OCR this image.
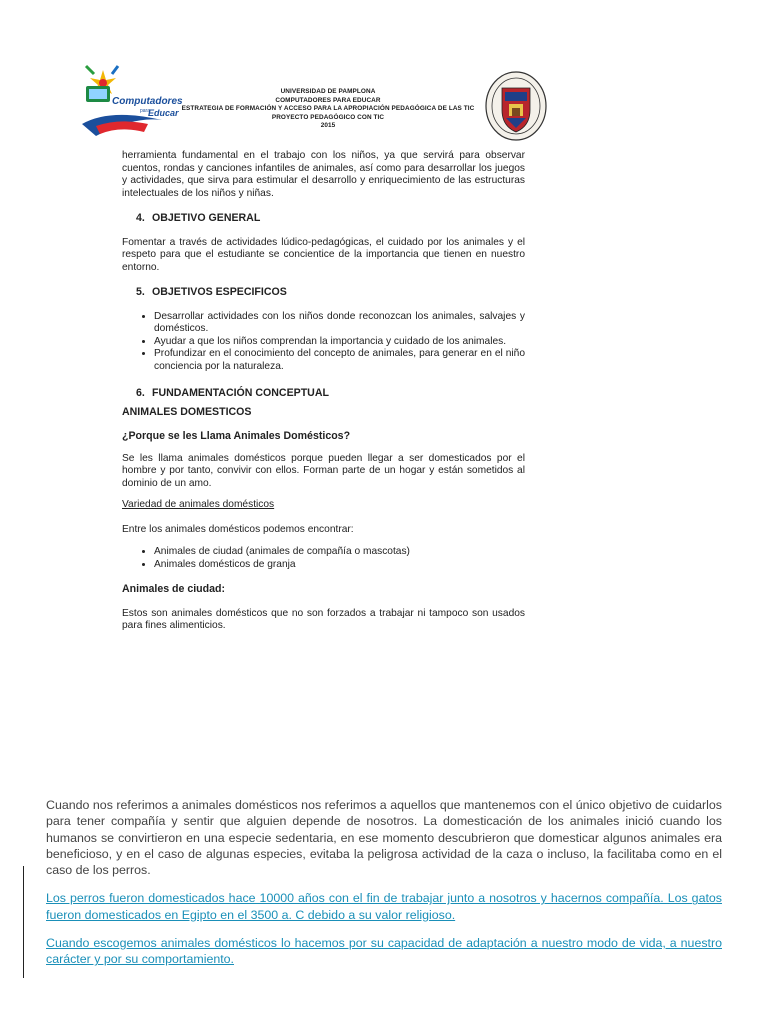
Computadores
para
Educar
UNIVERSIDAD DE PAMPLONA
COMPUTADORES PARA EDUCAR
ESTRATEGIA DE FORMACIÓN Y ACCESO PARA LA APROPIACIÓN PEDAGÓGICA DE LAS TIC
PROYECTO PEDAGÓGICO CON TIC
2015

herramienta fundamental en el trabajo con los niños, ya que servirá para observar cuentos, rondas y canciones infantiles de animales, así como para desarrollar los juegos y actividades, que sirva para estimular el desarrollo y enriquecimiento de las estructuras intelectuales de los niños y niñas.

4. OBJETIVO GENERAL

Fomentar a través de actividades lúdico-pedagógicas, el cuidado por los animales y el respeto para que el estudiante se concientice de la importancia que tienen en nuestro entorno.

5. OBJETIVOS ESPECIFICOS

• Desarrollar actividades con los niños donde reconozcan los animales, salvajes y domésticos.
• Ayudar a que los niños comprendan la importancia y cuidado de los animales.
• Profundizar en el conocimiento del concepto de animales, para generar en el niño conciencia por la naturaleza.

6. FUNDAMENTACIÓN CONCEPTUAL

ANIMALES DOMESTICOS

¿Porque se les Llama Animales Domésticos?

Se les llama animales domésticos porque pueden llegar a ser domesticados por el hombre y por tanto, convivir con ellos. Forman parte de un hogar y están sometidos al dominio de un amo.

Variedad de animales domésticos

Entre los animales domésticos podemos encontrar:

• Animales de ciudad (animales de compañía o mascotas)
• Animales domésticos de granja

Animales de ciudad:

Estos son animales domésticos que no son forzados a trabajar ni tampoco son usados para fines alimenticios.

Cuando nos referimos a animales domésticos nos referimos a aquellos que mantenemos con el único objetivo de cuidarlos para tener compañía y sentir que alguien depende de nosotros. La domesticación de los animales inició cuando los humanos se convirtieron en una especie sedentaria, en ese momento descubrieron que domesticar algunos animales era beneficioso, y en el caso de algunas especies, evitaba la peligrosa actividad de la caza o incluso, la facilitaba como en el caso de los perros.

Los perros fueron domesticados hace 10000 años con el fin de trabajar junto a nosotros y hacernos compañía. Los gatos fueron domesticados en Egipto en el 3500 a. C debido a su valor religioso.

Cuando escogemos animales domésticos lo hacemos por su capacidad de adaptación a nuestro modo de vida, a nuestro carácter y por su comportamiento.
